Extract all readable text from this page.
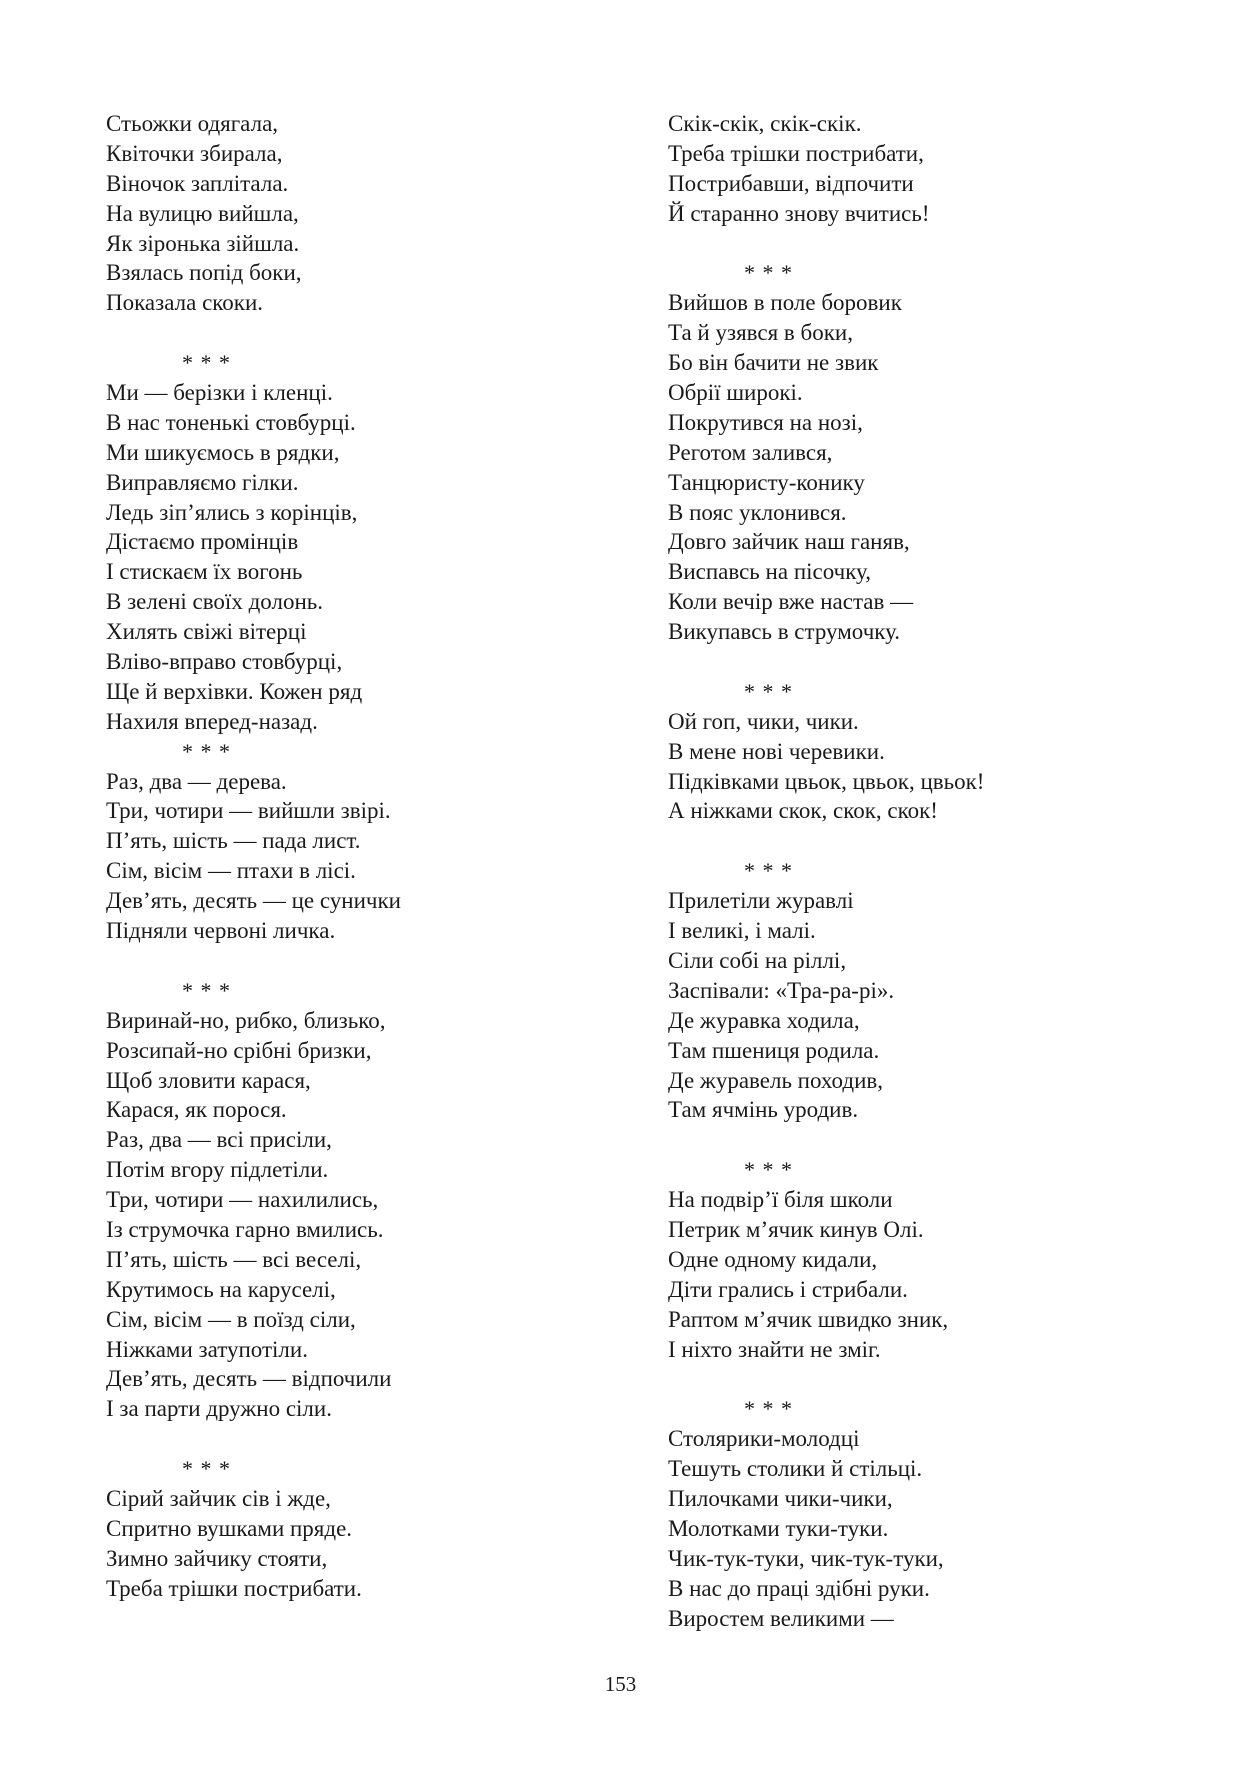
Стьожки одягала,
Квіточки збирала,
Віночок заплітала.
На вулицю вийшла,
Як зіронька зійшла.
Взялась попід боки,
Показала скоки.
* * *
Ми — берізки і кленці.
В нас тоненькі стовбурці.
Ми шикуємось в рядки,
Виправляємо гілки.
Ледь зіп’ялись з корінців,
Дістаємо промінців
І стискаєм їх вогонь
В зелені своїх долонь.
Хилять свіжі вітерці
Вліво-вправо стовбурці,
Ще й верхівки. Кожен ряд
Нахиля вперед-назад.
* * *
Раз, два — дерева.
Три, чотири — вийшли звірі.
П’ять, шість — пада лист.
Сім, вісім — птахи в лісі.
Дев’ять, десять — це сунички
Підняли червоні личка.
* * *
Виринай-но, рибко, близько,
Розсипай-но срібні бризки,
Щоб зловити карася,
Карася, як порося.
Раз, два — всі присіли,
Потім вгору підлетіли.
Три, чотири — нахилились,
Із струмочка гарно вмились.
П’ять, шість — всі веселі,
Крутимось на каруселі,
Сім, вісім — в поїзд сіли,
Ніжками затупотіли.
Дев’ять, десять — відпочили
І за парти дружно сіли.
* * *
Сірий зайчик сів і жде,
Спритно вушками пряде.
Зимно зайчику стояти,
Треба трішки пострибати.
Скік-скік, скік-скік.
Треба трішки пострибати,
Пострибавши, відпочити
Й старанно знову вчитись!
* * *
Вийшов в поле боровик
Та й узявся в боки,
Бо він бачити не звик
Обрії широкі.
Покрутився на нозі,
Реготом залився,
Танцюристу-конику
В пояс уклонився.
Довго зайчик наш ганяв,
Виспавсь на пісочку,
Коли вечір вже настав —
Викупавсь в струмочку.
* * *
Ой гоп, чики, чики.
В мене нові черевики.
Підківками цвьок, цвьок, цвьок!
А ніжками скок, скок, скок!
* * *
Прилетіли журавлі
І великі, і малі.
Сіли собі на ріллі,
Заспівали: «Тра-ра-рі».
Де журавка ходила,
Там пшениця родила.
Де журавель походив,
Там ячмінь уродив.
* * *
На подвір’ї біля школи
Петрик м’ячик кинув Олі.
Одне одному кидали,
Діти грались і стрибали.
Раптом м’ячик швидко зник,
І ніхто знайти не зміг.
* * *
Столярики-молодці
Тешуть столики й стільці.
Пилочками чики-чики,
Молотками туки-туки.
Чик-тук-туки, чик-тук-туки,
В нас до праці здібні руки.
Виростем великими —
153
